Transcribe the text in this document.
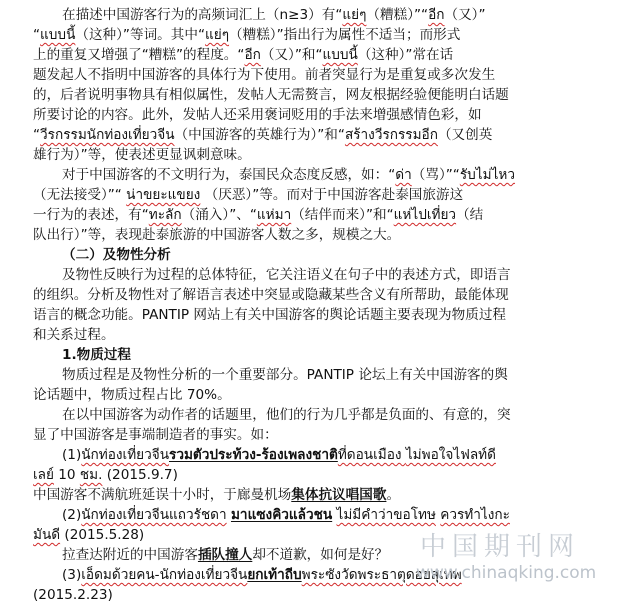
在描述中国游客行为的高频词汇上（n≥3）有“แย่ๆ（糟糕）”“อีก（又）”
“แบบนี้（这种）”等词。其中“แย่ๆ（糟糕）”指出行为属性不适当；而形式
上的重复又增强了“糟糕”的程度。“อีก（又）”和“แบบนี้（这种）”常在话
题发起人不指明中国游客的具体行为下使用。前者突显行为是重复或多次发生
的，后者说明事物具有相似属性，发帖人无需赘言，网友根据经验便能明白话题
所要讨论的内容。此外，发帖人还采用褒词贬用的手法来增强感情色彩，如
“วีรกรรมนักท่องเที่ยวจีน（中国游客的英雄行为）”和“สร้างวีรกรรมอีก（又创英
雄行为）”等，使表述更显讽刺意味。
对于中国游客的不文明行为，泰国民众态度反感，如：“ด่า（骂）”“รับไม่ไหว
（无法接受）”“ น่าขยะแขยง （厌恶）”等。而对于中国游客赴泰国旅游这
一行为的表述，有“ทะลัก（涌入）”、“แห่มา（结伴而来）”和“แห่ไปเที่ยว（结
队出行）”等，表现赴泰旅游的中国游客人数之多，规模之大。
（二）及物性分析
及物性反映行为过程的总体特征，它关注语义在句子中的表述方式，即语言
的组织。分析及物性对了解语言表述中突显或隐藏某些含义有所帮助，最能体现
语言的概念功能。PANTIP 网站上有关中国游客的舆论话题主要表现为物质过程
和关系过程。
1.物质过程
物质过程是及物性分析的一个重要部分。PANTIP 论坛上有关中国游客的舆
论话题中，物质过程占比 70%。
在以中国游客为动作者的话题里，他们的行为几乎都是负面的、有意的，突
显了中国游客是事端制造者的事实。如：
(1)นักท่องเที่ยวจีนรวมตัวประท้วง-ร้องเพลงชาติที่ดอนเมือง ไม่พอใจไฟลท์ดี
เลย์ 10 ชม. (2015.9.7)
中国游客不满航班延误十小时，于廊曼机场集体抗议唱国歌。
(2)นักท่องเที่ยวจีนแถวรัชดา มาแซงคิวแล้วชน ไม่มีคำว่าขอโทษ ควรทำไงกะ
มันดี (2015.5.28)
拉查达附近的中国游客插队撞人却不道歉，如何是好？
(3)เอ็ดมด้วยคน-นักท่องเที่ยวจีนยกเท้าถีบพระซังวัดพระธาตุดอยสุเทพ
(2015.2.23)
中国期刊网
www.chinaqking.com
